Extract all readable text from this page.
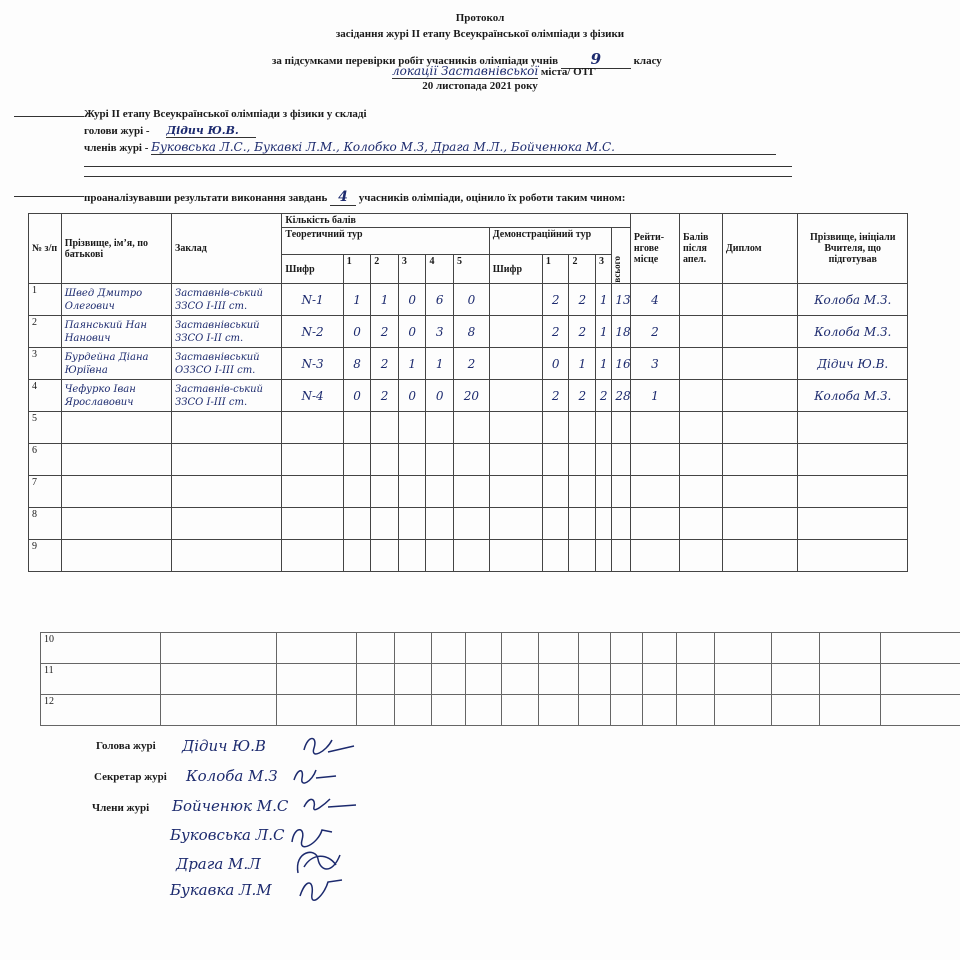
Протокол
засідання журі ІІ етапу Всеукраїнської олімпіади з фізики
за підсумками перевірки робіт учасників олімпіади учнів 9	класу
локації Заставнівської міста/ ОТГ
20 листопада 2021 року
Журі ІІ етапу Всеукраїнської олімпіади з фізики у складі
голови журі - Дідич Ю.В.
членів журі - Буковська Л.С., Букавкі Л.М., Колобко М.З, Драга М.Л., Бойченюка М.С.
проаналізувавши результати виконання завдань 4 учасників олімпіади, оцінило їх роботи таким чином:
№ з/п	Прізвище, ім’я, по батькові	Заклад	Кількість балів											Рейти-нгове місце	Балів після апел.	Диплом	Прізвище, ініціали Вчителя, що підготував
			Теоретичний тур						Демонстраційний тур				всього				

			Шифр	1	2	3	4	5	Шифр	1	2	3					
1	Швед Дмитро Олегович	Заставнів-ський ЗЗСО І-ІІІ ст.	N-1	1	1	0	6	0		2	2	1	13	4			Колоба М.З.
2	Паянський Нан Нанович	Заставнівський ЗЗСО І-ІІ ст.	N-2	0	2	0	3	8		2	2	1	18	2			Колоба М.З.
3	Бурдейна Діана Юріївна	Заставнівський ОЗЗСО І-ІІІ ст.	N-3	8	2	1	1	2		0	1	1	16	3			Дідич Ю.В.
4	Чефурко Іван Ярославович	Заставнів-ський ЗЗСО І-ІІІ ст.	N-4	0	2	0	0	20		2	2	2	28	1			Колоба М.З.
5																	
6																	
7																	
8																	
9																	
10																
11																
12																
Голова журі Дідич Ю.В
Секретар журі Колоба М.З
Члени журі Бойченюк М.С
Буковська Л.С
Драга М.Л
Букавка Л.М
